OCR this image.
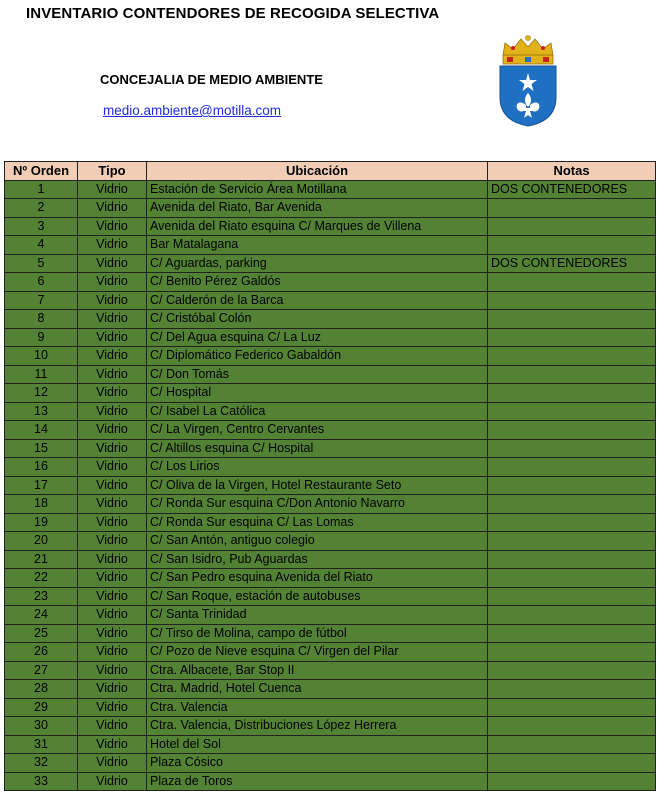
INVENTARIO CONTENDORES DE RECOGIDA SELECTIVA
CONCEJALIA DE MEDIO AMBIENTE
medio.ambiente@motilla.com
Nº Orden	Tipo	Ubicación	Notas
1	Vidrio	Estación de Servicio Área Motillana	DOS CONTENEDORES
2	Vidrio	Avenida del Riato, Bar Avenida	
3	Vidrio	Avenida del Riato esquina C/ Marques de Villena	
4	Vidrio	Bar Matalagana	
5	Vidrio	C/ Aguardas, parking	DOS CONTENEDORES
6	Vidrio	C/ Benito Pérez Galdós	
7	Vidrio	C/ Calderón de la Barca	
8	Vidrio	C/ Cristóbal Colón	
9	Vidrio	C/ Del Agua esquina C/ La Luz	
10	Vidrio	C/ Diplomático Federico Gabaldón	
11	Vidrio	C/ Don Tomás	
12	Vidrio	C/ Hospital	
13	Vidrio	C/ Isabel La Católica	
14	Vidrio	C/ La Virgen, Centro Cervantes	
15	Vidrio	C/ Altillos esquina C/ Hospital	
16	Vidrio	C/ Los Lirios	
17	Vidrio	C/ Oliva de la Virgen, Hotel Restaurante Seto	
18	Vidrio	C/ Ronda Sur esquina C/Don Antonio Navarro	
19	Vidrio	C/ Ronda Sur esquina C/ Las Lomas	
20	Vidrio	C/ San Antón, antiguo colegio	
21	Vidrio	C/ San Isidro, Pub Aguardas	
22	Vidrio	C/ San Pedro esquina Avenida del Riato	
23	Vidrio	C/ San Roque, estación de autobuses	
24	Vidrio	C/ Santa Trinidad	
25	Vidrio	C/ Tirso de Molina, campo de fútbol	
26	Vidrio	C/ Pozo de Nieve esquina C/ Virgen del Pilar	
27	Vidrio	Ctra. Albacete, Bar Stop II	
28	Vidrio	Ctra. Madrid, Hotel Cuenca	
29	Vidrio	Ctra. Valencia	
30	Vidrio	Ctra. Valencia, Distribuciones López Herrera	
31	Vidrio	Hotel del Sol	
32	Vidrio	Plaza Cósico	
33	Vidrio	Plaza de Toros	
